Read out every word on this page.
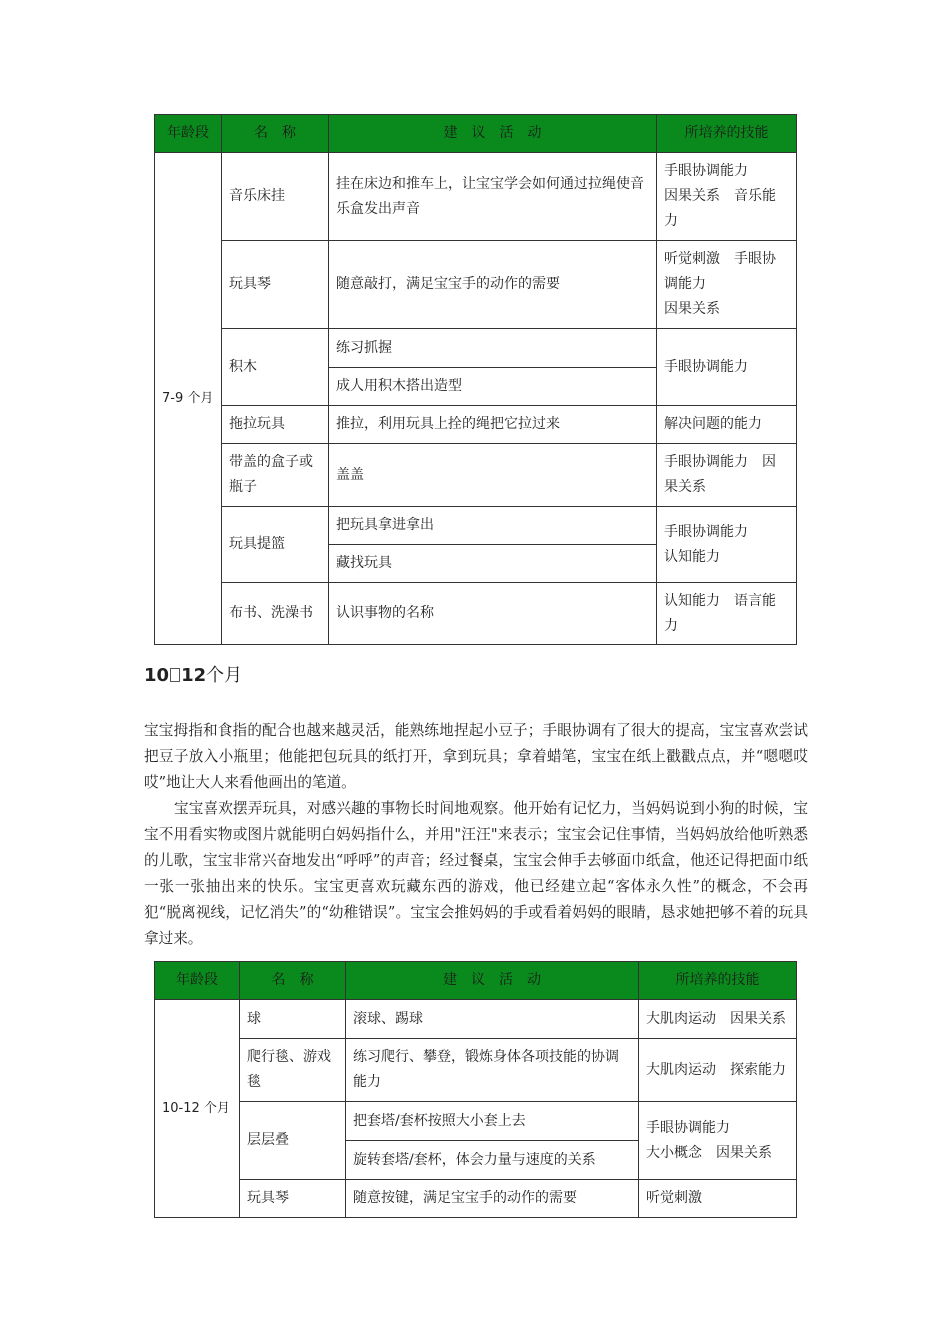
年龄段	名　称	建　议　活　动	所培养的技能
7-9 个月	音乐床挂	挂在床边和推车上，让宝宝学会如何通过拉绳使音乐盒发出声音	手眼协调能力
因果关系　音乐能力
	玩具琴	随意敲打，满足宝宝手的动作的需要	听觉刺激　手眼协调能力
因果关系
	积木	练习抓握	手眼协调能力
		成人用积木搭出造型	
	拖拉玩具	推拉，利用玩具上拴的绳把它拉过来	解决问题的能力
	带盖的盒子或瓶子	盖盖	手眼协调能力　因果关系
	玩具提篮	把玩具拿进拿出	手眼协调能力
认知能力
		藏找玩具	
	布书、洗澡书	认识事物的名称	认知能力　语言能力
10 12个月

宝宝拇指和食指的配合也越来越灵活，能熟练地捏起小豆子；手眼协调有了很大的提高，宝宝喜欢尝试把豆子放入小瓶里；他能把包玩具的纸打开，拿到玩具；拿着蜡笔，宝宝在纸上戳戳点点，并“嗯嗯哎哎”地让大人来看他画出的笔道。

宝宝喜欢摆弄玩具，对感兴趣的事物长时间地观察。他开始有记忆力，当妈妈说到小狗的时候，宝宝不用看实物或图片就能明白妈妈指什么，并用"汪汪"来表示；宝宝会记住事情，当妈妈放给他听熟悉的儿歌，宝宝非常兴奋地发出“呼呼”的声音；经过餐桌，宝宝会伸手去够面巾纸盒，他还记得把面巾纸一张一张抽出来的快乐。宝宝更喜欢玩藏东西的游戏，他已经建立起“客体永久性”的概念，不会再犯“脱离视线，记忆消失”的“幼稚错误”。宝宝会推妈妈的手或看着妈妈的眼睛，恳求她把够不着的玩具拿过来。

年龄段	名　称	建　议　活　动	所培养的技能
10-12 个月	球	滚球、踢球	大肌肉运动　因果关系
	爬行毯、游戏毯	练习爬行、攀登，锻炼身体各项技能的协调能力	大肌肉运动　探索能力
	层层叠	把套塔/套杯按照大小套上去	手眼协调能力
大小概念　因果关系
		旋转套塔/套杯，体会力量与速度的关系	
	玩具琴	随意按键，满足宝宝手的动作的需要	听觉刺激
